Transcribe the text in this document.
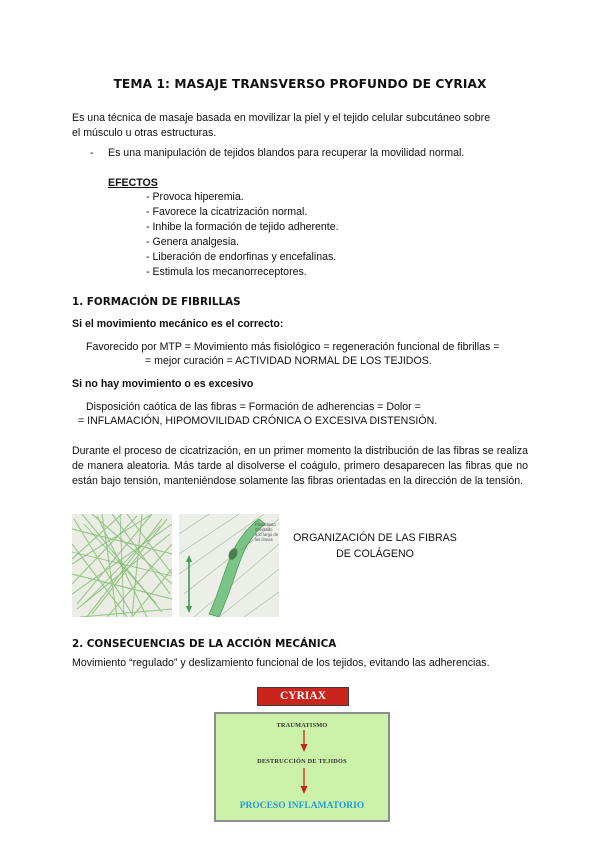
TEMA 1: MASAJE TRANSVERSO PROFUNDO DE CYRIAX
Es una técnica de masaje basada en movilizar la piel y el tejido celular subcutáneo sobre
el músculo u otras estructuras.
- Es una manipulación de tejidos blandos para recuperar la movilidad normal.
EFECTOS
- Provoca hiperemia.
- Favorece la cicatrización normal.
- Inhibe la formación de tejido adherente.
- Genera analgesia.
- Liberación de endorfinas y encefalinas.
- Estimula los mecanorreceptores.
1. FORMACIÓN DE FIBRILLAS
Si el movimiento mecánico es el correcto:
Favorecido por MTP = Movimiento más fisiológico = regeneración funcional de fibrillas =
= mejor curación = ACTIVIDAD NORMAL DE LOS TEJIDOS.
Si no hay movimiento o es excesivo
Disposición caótica de las fibras = Formación de adherencias = Dolor =
= INFLAMACIÓN, HIPOMOVILIDAD CRÓNICA O EXCESIVA DISTENSIÓN.
Durante el proceso de cicatrización, en un primer momento la distribución de las fibras se realiza de manera aleatoria. Más tarde al disolverse el coágulo, primero desaparecen las fibras que no están bajo tensión, manteniéndose solamente las fibras orientadas en la dirección de la tensión.
Fibroblasto orientado
a lo largo de las líneas	ORGANIZACIÓN DE LAS FIBRAS
DE COLÁGENO
2. CONSECUENCIAS DE LA ACCIÓN MECÁNICA
Movimiento “regulado” y deslizamiento funcional de los tejidos, evitando las adherencias.
CYRIAX
TRAUMATISMO
DESTRUCCIÓN DE TEJIDOS
PROCESO INFLAMATORIO
